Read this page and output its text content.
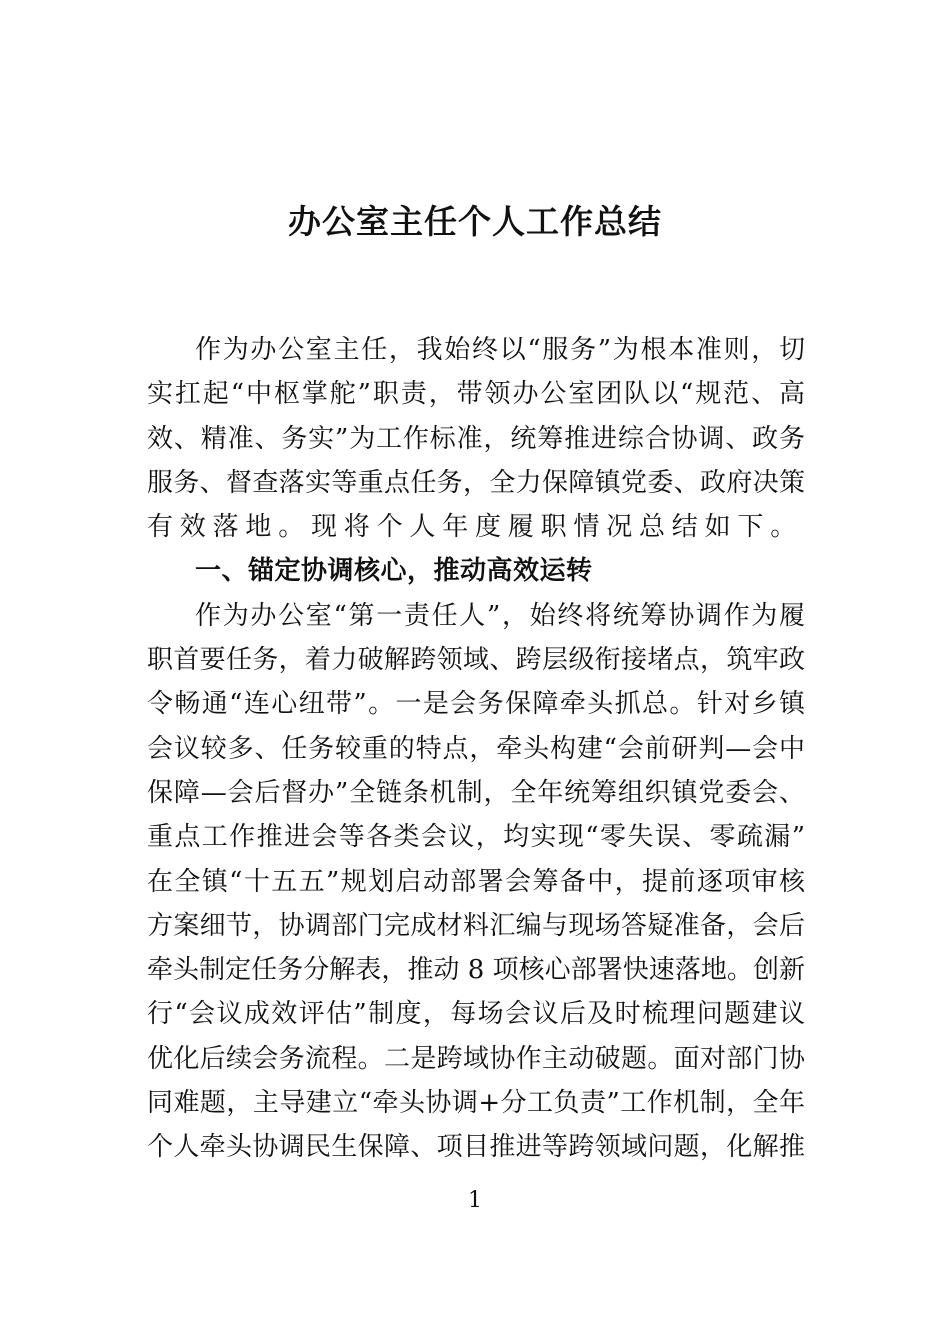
办公室主任个人工作总结
作​为​办​公​室​主​任​，​我​始​终​以​“​服​务​”​为​根​本​准​则​，​切
实​扛​起​“​中​枢​掌​舵​”​职​责​，​带​领​办​公​室​团​队​以​“​规​范​、​高
效​、​精​准​、​务​实​”​为​工​作​标​准​，​统​筹​推​进​综​合​协​调​、​政​务
服​务​、​督​查​落​实​等​重​点​任​务​，​全​力​保​障​镇​党​委​、​政​府​决​策
有效落地。现将个人年度履职情况总结如下。
一、锚定协调核心，推动高效运转
作​为​办​公​室​“​第​一​责​任​人​”​，​始​终​将​统​筹​协​调​作​为​履
职​首​要​任​务​，​着​力​破​解​跨​领​域​、​跨​层​级​衔​接​堵​点​，​筑​牢​政
令​畅​通​“​连​心​纽​带​”​。​一​是​会​务​保​障​牵​头​抓​总​。​针​对​乡​镇
会​议​较​多​、​任​务​较​重​的​特​点​，​牵​头​构​建​“​会​前​研​判​—​会​中
保​障​—​会​后​督​办​”​全​链​条​机​制​，​全​年​统​筹​组​织​镇​党​委​会​、
重​点​工​作​推​进​会​等​各​类​会​议​，​均​实​现​“​零​失​误​、​零​疏​漏​”
在​全​镇​“​十​五​五​”​规​划​启​动​部​署​会​筹​备​中​，​提​前​逐​项​审​核
方​案​细​节​，​协​调​部​门​完​成​材​料​汇​编​与​现​场​答​疑​准​备​，​会​后
牵​头​制​定​任​务​分​解​表​，​推​动​ ​8​ ​项​核​心​部​署​快​速​落​地​。​创​新​
行​“​会​议​成​效​评​估​”​制​度​，​每​场​会​议​后​及​时​梳​理​问​题​建​议
优​化​后​续​会​务​流​程​。​二​是​跨​域​协​作​主​动​破​题​。​面​对​部​门​协
同​难​题​，​主​导​建​立​“​牵​头​协​调​+​分​工​负​责​”​工​作​机​制​，​全​年
个​人​牵​头​协​调​民​生​保​障​、​项​目​推​进​等​跨​领​域​问​题​，​化​解​推
1
